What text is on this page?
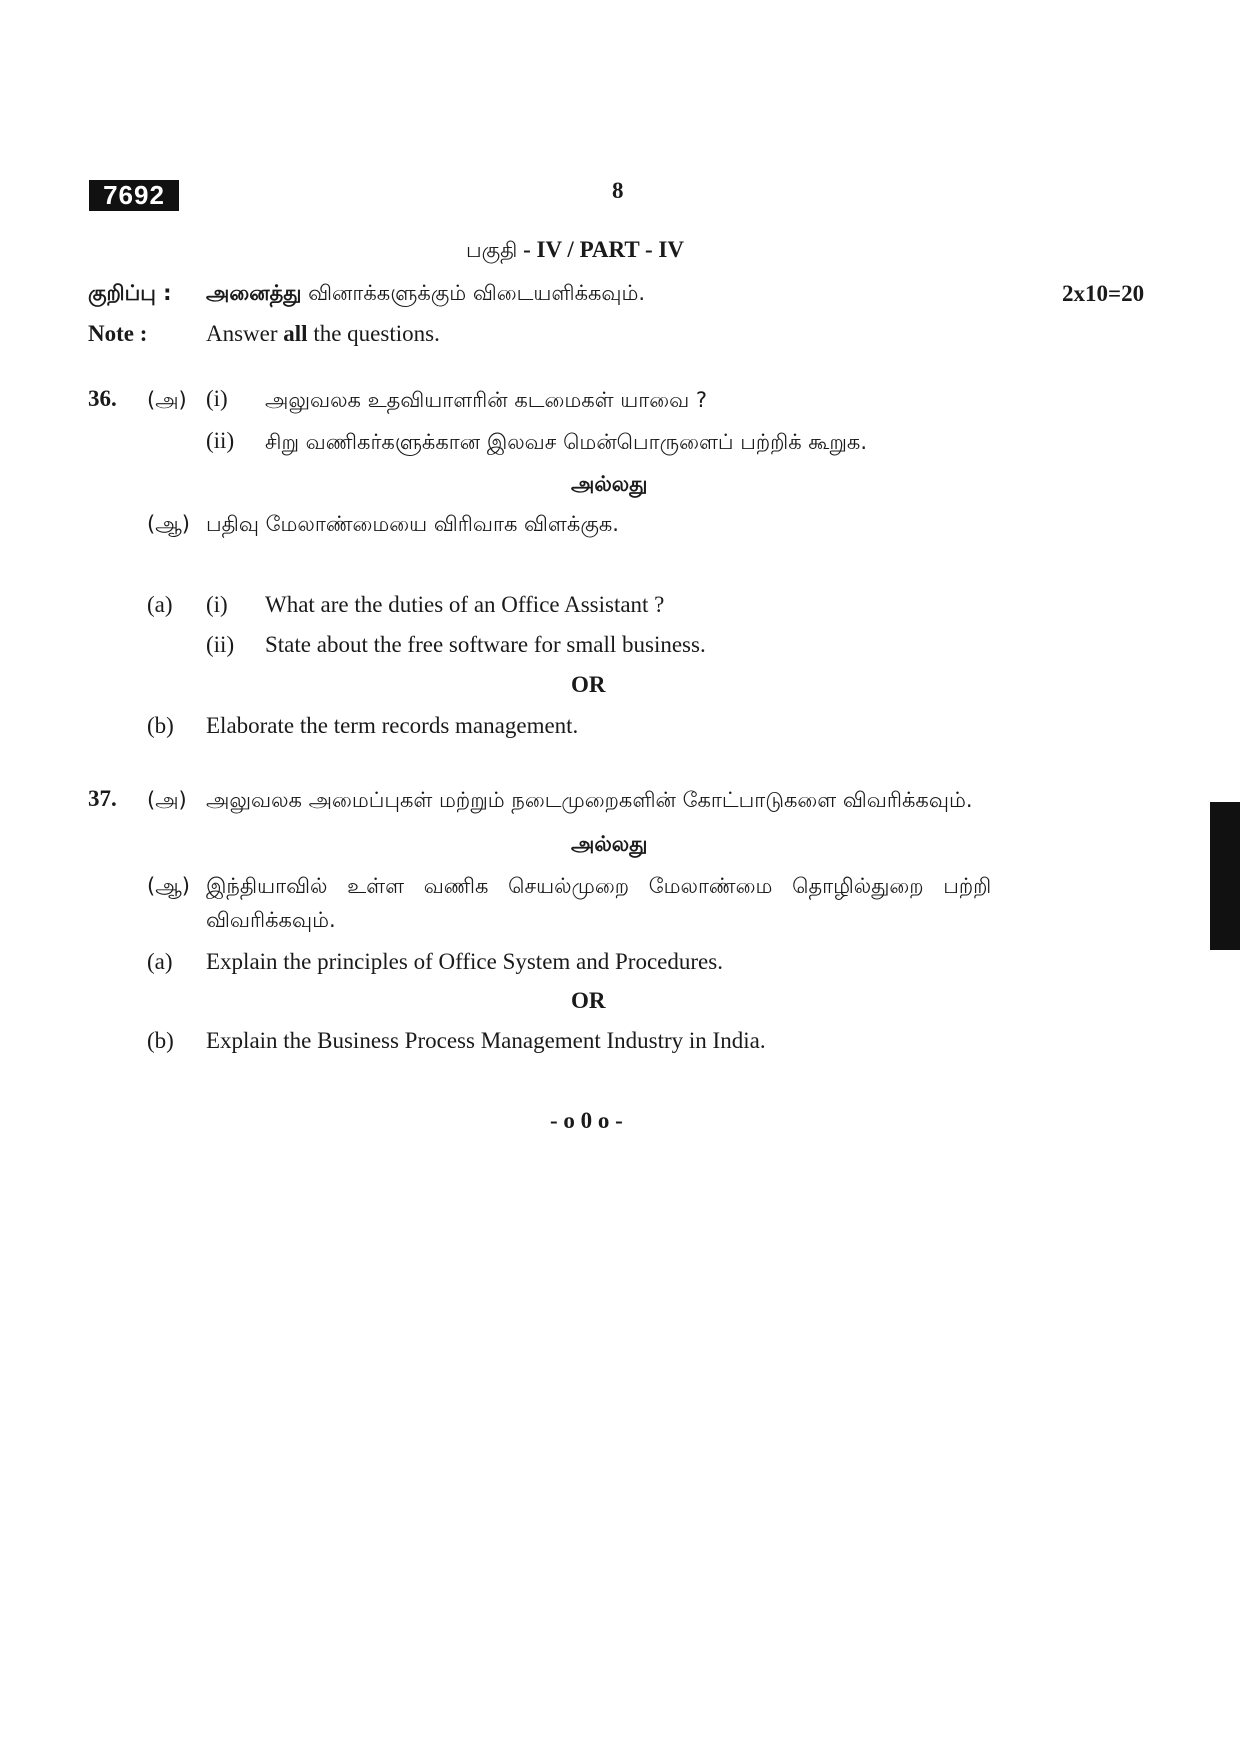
7692	8
பகுதி - IV / PART - IV
குறிப்பு : அனைத்து வினாக்களுக்கும் விடையளிக்கவும்.	2x10=20
Note :	Answer all the questions.
36. (அ) (i) அலுவலக உதவியாளரின் கடமைகள் யாவை ?
(ii) சிறு வணிகர்களுக்கான இலவச மென்பொருளைப் பற்றிக் கூறுக.
அல்லது
(ஆ) பதிவு மேலாண்மையை விரிவாக விளக்குக.
(a) (i) What are the duties of an Office Assistant ?
(ii) State about the free software for small business.
OR
(b) Elaborate the term records management.
37. (அ) அலுவலக அமைப்புகள் மற்றும் நடைமுறைகளின் கோட்பாடுகளை விவரிக்கவும்.
அல்லது
(ஆ) இந்தியாவில் உள்ள வணிக செயல்முறை மேலாண்மை தொழில்துறை பற்றி
விவரிக்கவும்.
(a) Explain the principles of Office System and Procedures.
OR
(b) Explain the Business Process Management Industry in India.
- o 0 o -
